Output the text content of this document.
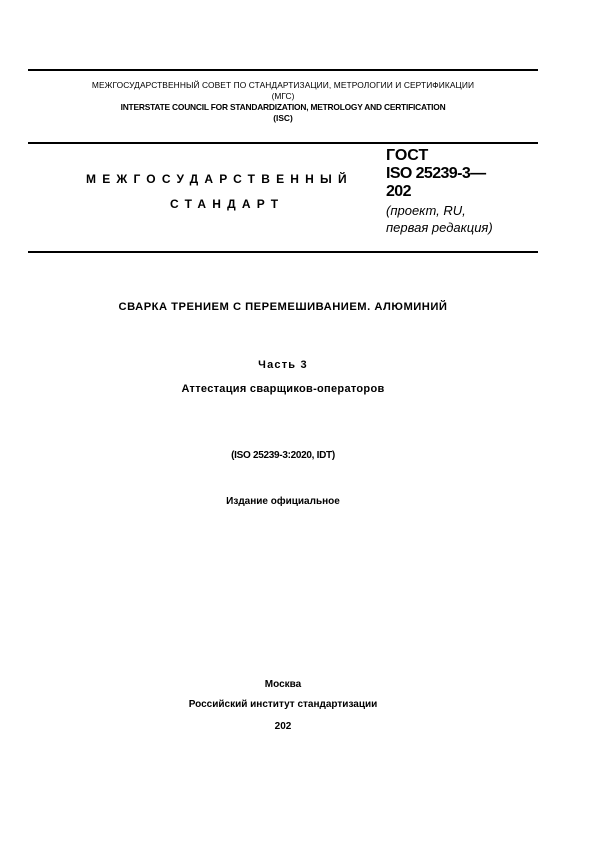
МЕЖГОСУДАРСТВЕННЫЙ СОВЕТ ПО СТАНДАРТИЗАЦИИ, МЕТРОЛОГИИ И СЕРТИФИКАЦИИ
(МГС)
INTERSTATE COUNCIL FOR STANDARDIZATION, METROLOGY AND CERTIFICATION
(ISC)
МЕЖГОСУДАРСТВЕННЫЙ
СТАНДАРТ
ГОСТ
ISO 25239-3—
202
(проект, RU,
первая редакция)
СВАРКА ТРЕНИЕМ С ПЕРЕМЕШИВАНИЕМ. АЛЮМИНИЙ
Часть 3
Аттестация сварщиков-операторов
(ISO 25239-3:2020, IDT)
Издание официальное
Москва
Российский институт стандартизации
202
